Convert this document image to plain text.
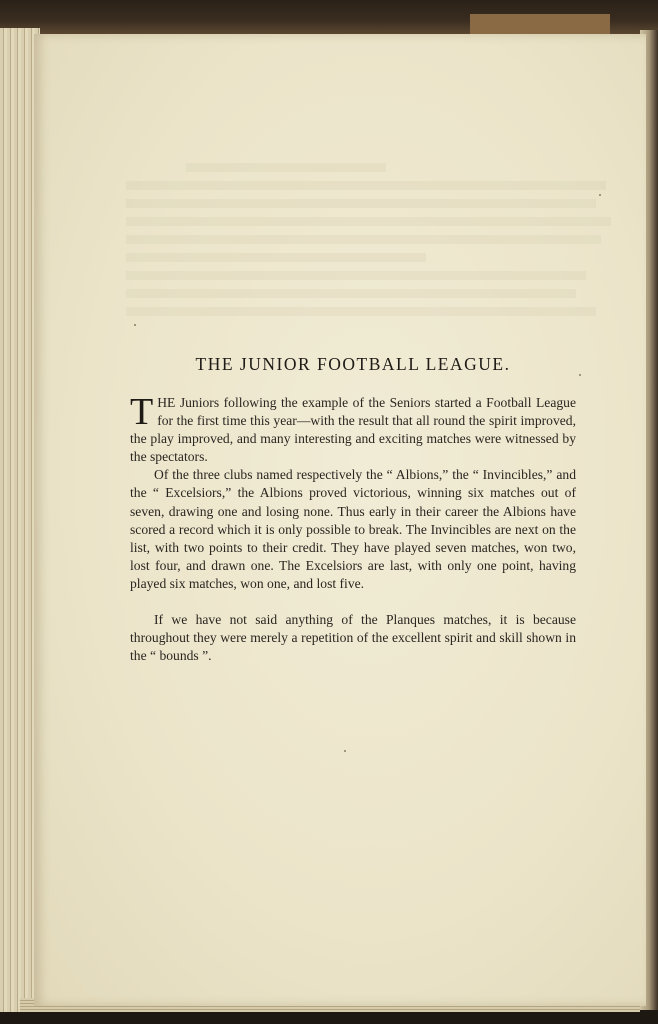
THE JUNIOR FOOTBALL LEAGUE.

THE Juniors following the example of the Seniors started a Football League for the first time this year—with the result that all round the spirit improved, the play improved, and many interesting and exciting matches were witnessed by the spectators.

Of the three clubs named respectively the “ Albions,” the “ Invincibles,” and the “ Excelsiors,” the Albions proved victorious, winning six matches out of seven, drawing one and losing none. Thus early in their career the Albions have scored a record which it is only possible to break. The Invincibles are next on the list, with two points to their credit. They have played seven matches, won two, lost four, and drawn one. The Excelsiors are last, with only one point, having played six matches, won one, and lost five.

If we have not said anything of the Planques matches, it is because throughout they were merely a repetition of the excellent spirit and skill shown in the “ bounds ”.
